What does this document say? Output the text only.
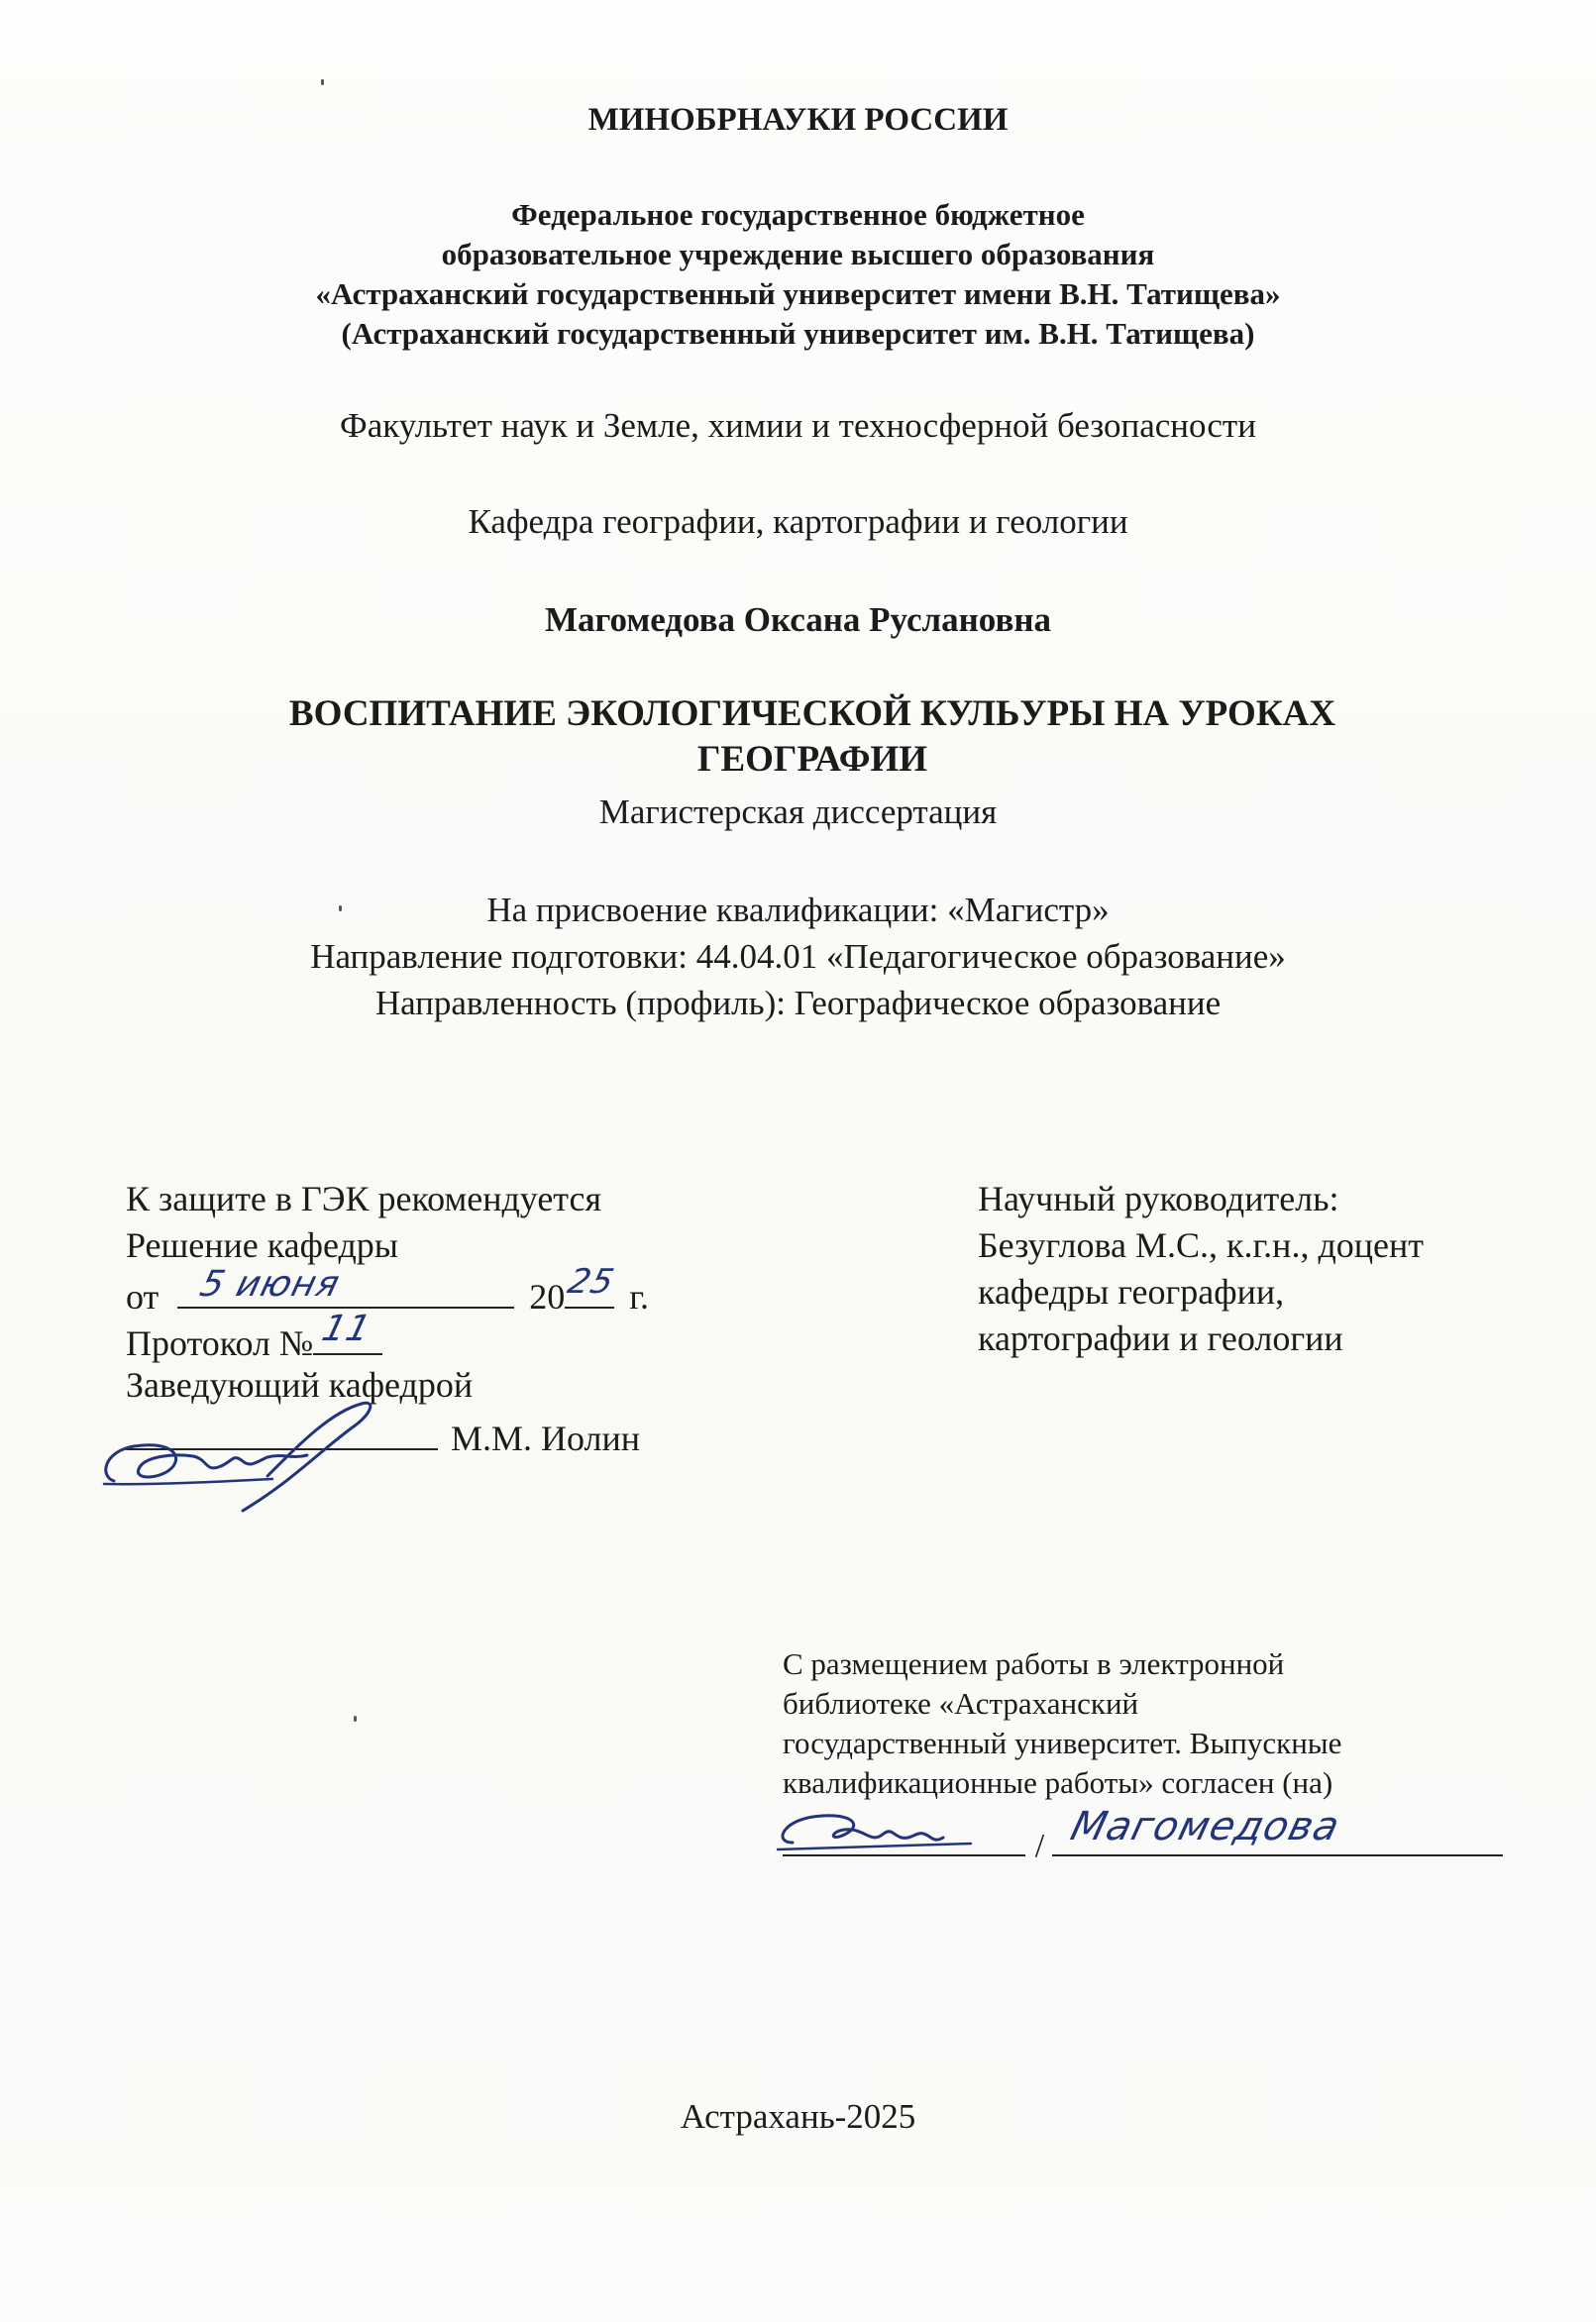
МИНОБРНАУКИ РОССИИ
Федеральное государственное бюджетное
образовательное учреждение высшего образования
«Астраханский государственный университет имени В.Н. Татищева»
(Астраханский государственный университет им. В.Н. Татищева)
Факультет наук и Земле, химии и техносферной безопасности
Кафедра географии, картографии и геологии
Магомедова Оксана Руслановна
ВОСПИТАНИЕ ЭКОЛОГИЧЕСКОЙ КУЛЬУРЫ НА УРОКАХ
ГЕОГРАФИИ
Магистерская диссертация
На присвоение квалификации: «Магистр»
Направление подготовки: 44.04.01 «Педагогическое образование»
Направленность (профиль): Географическое образование
К защите в ГЭК рекомендуется
Решение кафедры
от 5 июня	20 25 г.
Протокол № 11
Заведующий кафедрой
М.М. Иолин
Научный руководитель:
Безуглова М.С., к.г.н., доцент
кафедры географии,
картографии и геологии
С размещением работы в электронной
библиотеке «Астраханский
государственный университет. Выпускные
квалификационные работы» согласен (на)
/ Магомедова
Астрахань-2025
